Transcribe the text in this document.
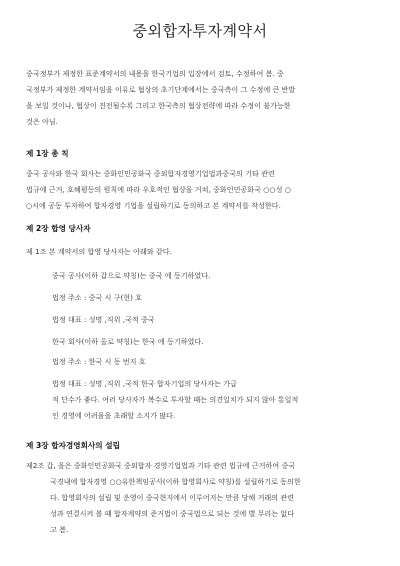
중외합자투자계약서
중국정부가 제정한 표준계약서의 내용을 한국기업의 입장에서 검토, 수정하여 봄. 중
국정부가 제정한 계약서임을 이유로 협상의 초기단계에서는 중국측이 그 수정에 큰 반발
을 보일 것이나, 협상이 진전될수록 그리고 한국측의 협상전략에 따라 수정이 불가능한
것은 아님.
제 1장 총 칙
중국 공사와 한국 회사는 중화인민공화국 중외합자경영기업법과중국의 기타 관련
법규에 근거, 호혜평등의 원칙에 따라 우호적인 협상을 거쳐, 중화인민공화국 ○○성 ○
○시에 공동 투자하여 합자경영 기업을 설립하기로 동의하고 본 계약서를 작성한다.
제 2장 합영 당사자
제 1조 본 계약서의 합영 당사자는 아래와 같다.
중국 공사(이하 갑으로 약칭)는 중국 에 등기하였다.
법정 주소 : 중국 시 구(현) 호
법정 대표 : 성명 ,직위 ,국적 중국
한국 회사(이하 올로 약칭)는 한국 에 등기하였다.
법정 주소 : 한국 시 동 번지 호
법정 대표 : 성명 ,직위 ,국적 한국 합자기업의 당사자는 가급
적 단수가 좋다. 여러 당사자가 복수로 투자할 때는 의견일치가 되지 않아 통일적
인 경영에 어려움을 초래할 소지가 많다.
제 3장 합자경영회사의 설립
제2조 갑, 을은 중화인민공화국 중외합자 경영기업법과 기타 관련 법규에 근거하여 중국
국경내에 합자경영 ○○유한책임공사(이하 합영회사로 약칭)를 설립하기로 동의한
다. 합영회사의 설립 및 운영이 중국현지에서 이루어지는 만큼 당해 거래의 관련
성과 연결시켜 볼 때 합자계약의 준거법이 중국법으로 되는 것에 별 무리는 없다
고 봄.
